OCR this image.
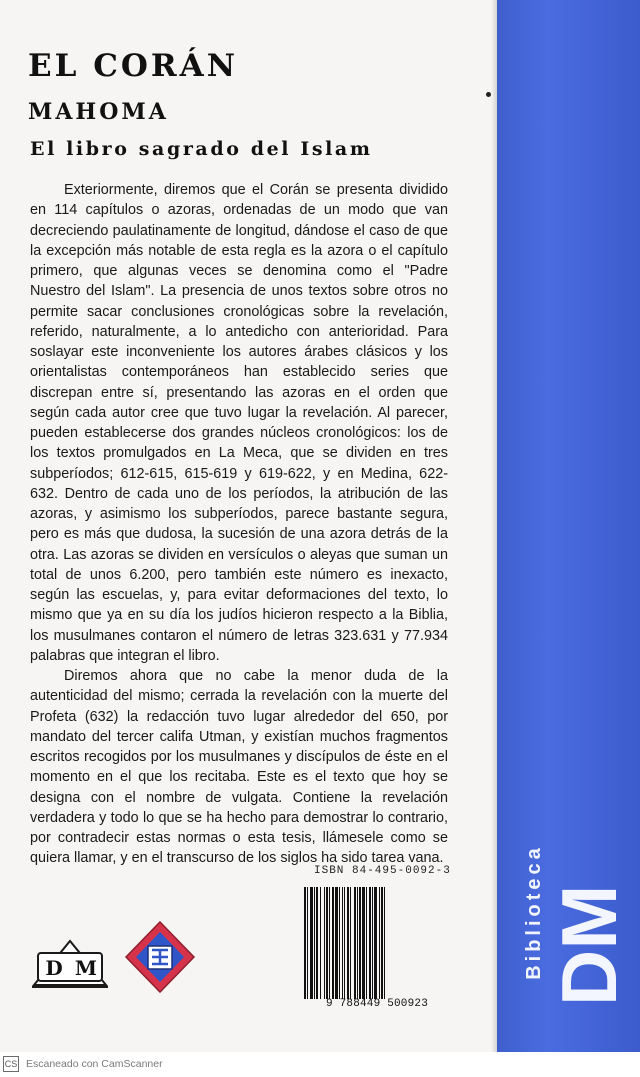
EL CORÁN
MAHOMA
El libro sagrado del Islam

Exteriormente, diremos que el Corán se presenta dividido en 114 capítulos o azoras, ordenadas de un modo que van decreciendo paulatinamente de longitud, dándose el caso de que la excepción más notable de esta regla es la azora o el capítulo primero, que algunas veces se denomina como el "Padre Nuestro del Islam". La presencia de unos textos sobre otros no permite sacar conclusiones cronológicas sobre la revelación, referido, naturalmente, a lo antedicho con anterioridad. Para soslayar este inconveniente los autores árabes clásicos y los orientalistas contemporáneos han establecido series que discrepan entre sí, presentando las azoras en el orden que según cada autor cree que tuvo lugar la revelación. Al parecer, pueden establecerse dos grandes núcleos cronológicos: los de los textos promulgados en La Meca, que se dividen en tres subperíodos; 612-615, 615-619 y 619-622, y en Medina, 622-632. Dentro de cada uno de los períodos, la atribución de las azoras, y asimismo los subperíodos, parece bastante segura, pero es más que dudosa, la sucesión de una azora detrás de la otra. Las azoras se dividen en versículos o aleyas que suman un total de unos 6.200, pero también este número es inexacto, según las escuelas, y, para evitar deformaciones del texto, lo mismo que ya en su día los judíos hicieron respecto a la Biblia, los musulmanes contaron el número de letras 323.631 y 77.934 palabras que integran el libro.

Diremos ahora que no cabe la menor duda de la autenticidad del mismo; cerrada la revelación con la muerte del Profeta (632) la redacción tuvo lugar alrededor del 650, por mandato del tercer califa Utman, y existían muchos fragmentos escritos recogidos por los musulmanes y discípulos de éste en el momento en el que los recitaba. Este es el texto que hoy se designa con el nombre de vulgata. Contiene la revelación verdadera y todo lo que se ha hecho para demostrar lo contrario, por contradecir estas normas o esta tesis, llámesele como se quiera llamar, y en el transcurso de los siglos ha sido tarea vana.

ISBN 84-495-0092-3
9 788449 500923
D M	Biblioteca DM
CS Escaneado con CamScanner
